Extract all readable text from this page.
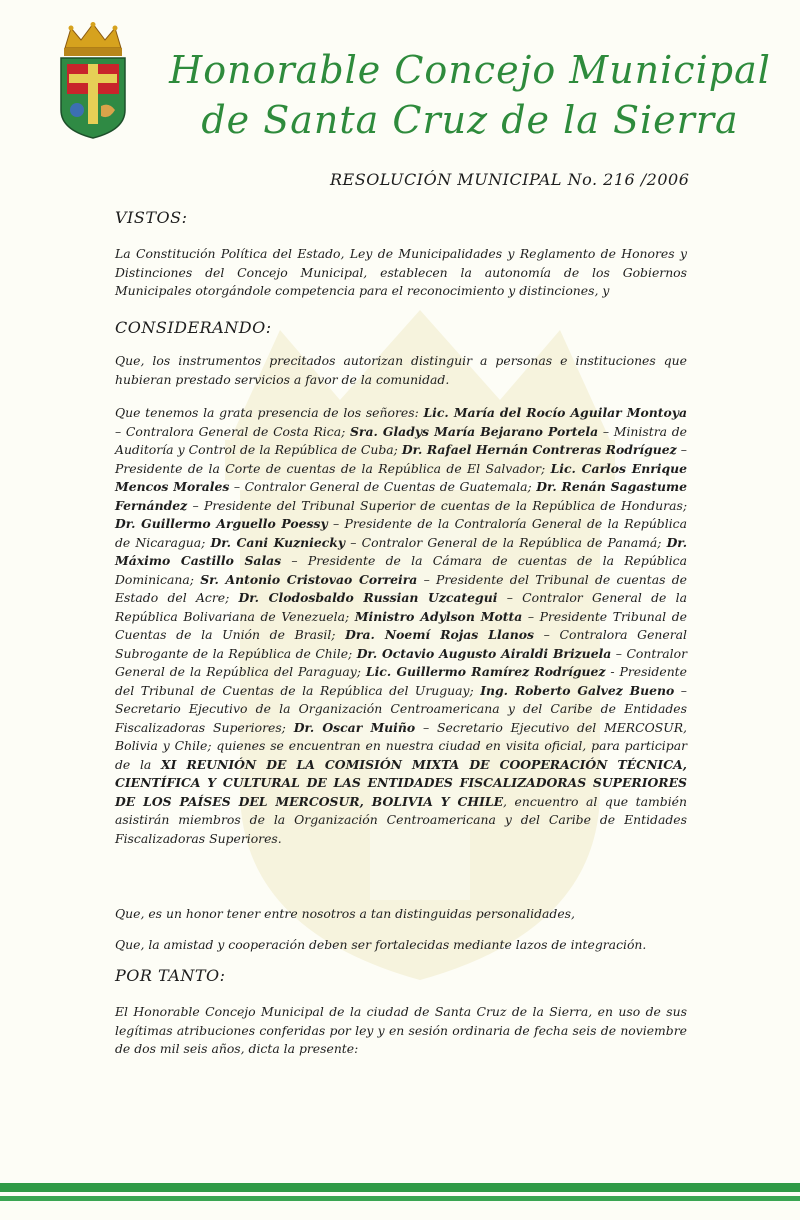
Honorable Concejo Municipal
de Santa Cruz de la Sierra

RESOLUCIÓN MUNICIPAL No. 216 /2006

VISTOS:

La Constitución Política del Estado, Ley de Municipalidades y Reglamento de Honores y Distinciones del Concejo Municipal, establecen la autonomía de los Gobiernos Municipales otorgándole competencia para el reconocimiento y distinciones, y

CONSIDERANDO:

Que, los instrumentos precitados autorizan distinguir a personas e instituciones que hubieran prestado servicios a favor de la comunidad.

Que tenemos la grata presencia de los señores: Lic. María del Rocío Aguilar Montoya – Contralora General de Costa Rica; Sra. Gladys María Bejarano Portela – Ministra de Auditoría y Control de la República de Cuba; Dr. Rafael Hernán Contreras Rodríguez – Presidente de la Corte de cuentas de la República de El Salvador; Lic. Carlos Enrique Mencos Morales – Contralor General de Cuentas de Guatemala; Dr. Renán Sagastume Fernández – Presidente del Tribunal Superior de cuentas de la República de Honduras; Dr. Guillermo Arguello Poessy – Presidente de la Contraloría General de la República de Nicaragua; Dr. Cani Kuzniecky – Contralor General de la República de Panamá; Dr. Máximo Castillo Salas – Presidente de la Cámara de cuentas de la República Dominicana; Sr. Antonio Cristovao Correira – Presidente del Tribunal de cuentas de Estado del Acre; Dr. Clodosbaldo Russian Uzcategui – Contralor General de la República Bolivariana de Venezuela; Ministro Adylson Motta – Presidente Tribunal de Cuentas de la Unión de Brasil; Dra. Noemí Rojas Llanos – Contralora General Subrogante de la República de Chile; Dr. Octavio Augusto Airaldi Brizuela – Contralor General de la República del Paraguay; Lic. Guillermo Ramírez Rodríguez - Presidente del Tribunal de Cuentas de la República del Uruguay; Ing. Roberto Galvez Bueno – Secretario Ejecutivo de la Organización Centroamericana y del Caribe de Entidades Fiscalizadoras Superiores; Dr. Oscar Muiño – Secretario Ejecutivo del MERCOSUR, Bolivia y Chile; quienes se encuentran en nuestra ciudad en visita oficial, para participar de la XI REUNIÓN DE LA COMISIÓN MIXTA DE COOPERACIÓN TÉCNICA, CIENTÍFICA Y CULTURAL DE LAS ENTIDADES FISCALIZADORAS SUPERIORES DE LOS PAÍSES DEL MERCOSUR, BOLIVIA Y CHILE, encuentro al que también asistirán miembros de la Organización Centroamericana y del Caribe de Entidades Fiscalizadoras Superiores.

Que, es un honor tener entre nosotros a tan distinguidas personalidades,

Que, la amistad y cooperación deben ser fortalecidas mediante lazos de integración.

POR TANTO:

El Honorable Concejo Municipal de la ciudad de Santa Cruz de la Sierra, en uso de sus legítimas atribuciones conferidas por ley y en sesión ordinaria de fecha seis de noviembre de dos mil seis años, dicta la presente:
